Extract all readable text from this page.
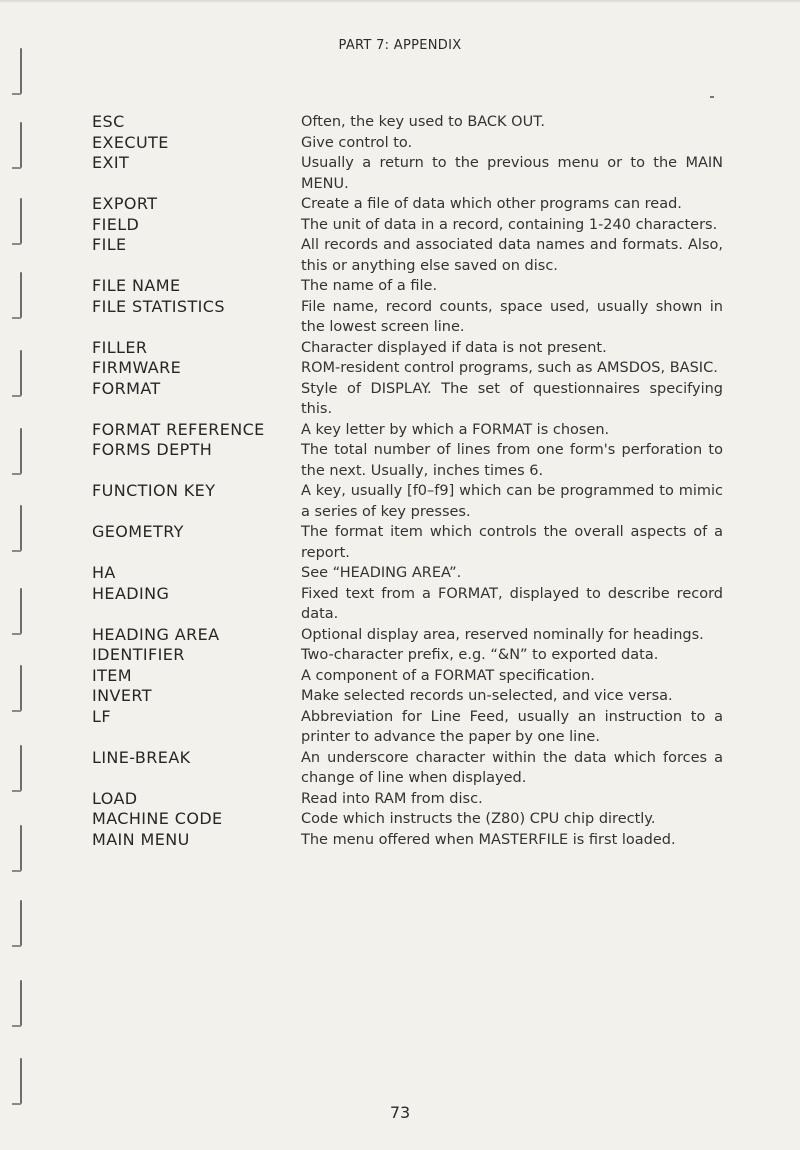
PART 7: APPENDIX
ESC	Often, the key used to BACK OUT.
EXECUTE	Give control to.
EXIT	Usually a return to the previous menu or to the MAIN MENU.
EXPORT	Create a file of data which other programs can read.
FIELD	The unit of data in a record, containing 1-240 characters.
FILE	All records and associated data names and formats. Also, this or anything else saved on disc.
FILE NAME	The name of a file.
FILE STATISTICS	File name, record counts, space used, usually shown in the lowest screen line.
FILLER	Character displayed if data is not present.
FIRMWARE	ROM-resident control programs, such as AMSDOS, BASIC.
FORMAT	Style of DISPLAY. The set of questionnaires specifying this.
FORMAT REFERENCE	A key letter by which a FORMAT is chosen.
FORMS DEPTH	The total number of lines from one form's perforation to the next. Usually, inches times 6.
FUNCTION KEY	A key, usually [f0–f9] which can be programmed to mimic a series of key presses.
GEOMETRY	The format item which controls the overall aspects of a report.
HA	See “HEADING AREA”.
HEADING	Fixed text from a FORMAT, displayed to describe record data.
HEADING AREA	Optional display area, reserved nominally for headings.
IDENTIFIER	Two-character prefix, e.g. “&N” to exported data.
ITEM	A component of a FORMAT specification.
INVERT	Make selected records un-selected, and vice versa.
LF	Abbreviation for Line Feed, usually an instruction to a printer to advance the paper by one line.
LINE-BREAK	An underscore character within the data which forces a change of line when displayed.
LOAD	Read into RAM from disc.
MACHINE CODE	Code which instructs the (Z80) CPU chip directly.
MAIN MENU	The menu offered when MASTERFILE is first loaded.
73
